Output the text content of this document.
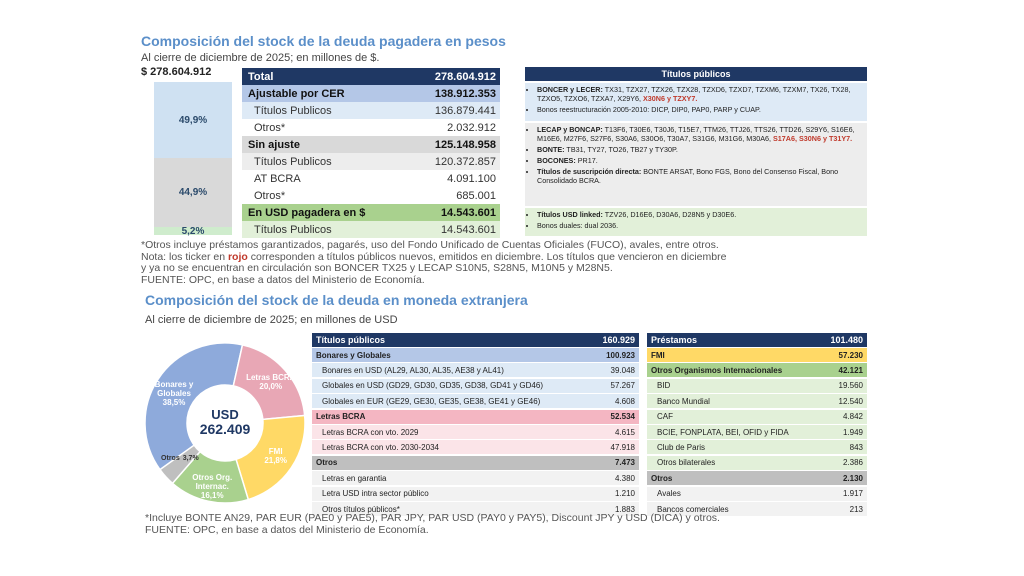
Composición del stock de la deuda pagadera en pesos
Al cierre de diciembre de 2025; en millones de $.
$ 278.604.912
49,9%
44,9%
5,2%
Total	278.604.912
Ajustable por CER	138.912.353
Títulos Publicos	136.879.441
Otros*	2.032.912
Sin ajuste	125.148.958
Títulos Publicos	120.372.857
AT BCRA	4.091.100
Otros*	685.001
En USD pagadera en $	14.543.601
Títulos Publicos	14.543.601
Títulos públicos
• BONCER y LECER: TX31, TZX27, TZX26, TZX28, TZXD6, TZXD7, TZXM6, TZXM7, TX26, TX28, TZXO5, TZXO6, TZXA7, X29Y6, X30N6 y TZXY7.
• Bonos reestructuración 2005-2010: DICP, DIP0, PAP0, PARP y CUAP.
• LECAP y BONCAP: T13F6, T30E6, T30J6, T15E7, TTM26, TTJ26, TTS26, TTD26, S29Y6, S16E6, M16E6, M27F6, S27F6, S30A6, S30O6, T30A7, S31G6, M31G6, M30A6, S17A6, S30N6 y T31Y7.
• BONTE: TB31, TY27, TO26, TB27 y TY30P.
• BOCONES: PR17.
• Títulos de suscripción directa: BONTE ARSAT, Bono FGS, Bono del Consenso Fiscal, Bono Consolidado BCRA.
• Títulos USD linked: TZV26, D16E6, D30A6, D28N5 y D30E6.
• Bonos duales: dual 2036.
*Otros incluye préstamos garantizados, pagarés, uso del Fondo Unificado de Cuentas Oficiales (FUCO), avales, entre otros.
Nota: los ticker en rojo corresponden a títulos públicos nuevos, emitidos en diciembre. Los títulos que vencieron en diciembre
y ya no se encuentran en circulación son BONCER TX25 y LECAP S10N5, S28N5, M10N5 y M28N5.
FUENTE: OPC, en base a datos del Ministerio de Economía.
Composición del stock de la deuda en moneda extranjera
Al cierre de diciembre de 2025; en millones de USD
Bonares y Globales
38,5%
Letras BCRA
20,0%
FMI
21,8%
Otros Org. Internac.
16,1%
Otros 3,7%
USD
262.409
Títulos públicos	160.929
Bonares y Globales	100.923
Bonares en USD (AL29, AL30, AL35, AE38 y AL41)	39.048
Globales en USD (GD29, GD30, GD35, GD38, GD41 y GD46)	57.267
Globales en EUR (GE29, GE30, GE35, GE38, GE41 y GE46)	4.608
Letras BCRA	52.534
Letras BCRA con vto. 2029	4.615
Letras BCRA con vto. 2030-2034	47.918
Otros	7.473
Letras en garantia	4.380
Letra USD intra sector público	1.210
Otros títulos públicos*	1.883
Préstamos	101.480
FMI	57.230
Otros Organismos Internacionales	42.121
BID	19.560
Banco Mundial	12.540
CAF	4.842
BCIE, FONPLATA, BEI, OFID y FIDA	1.949
Club de Paris	843
Otros bilaterales	2.386
Otros	2.130
Avales	1.917
Bancos comerciales	213
*Incluye BONTE AN29, PAR EUR (PAE0 y PAE5), PAR JPY, PAR USD (PAY0 y PAY5), Discount JPY y USD (DICA) y otros.
FUENTE: OPC, en base a datos del Ministerio de Economía.
